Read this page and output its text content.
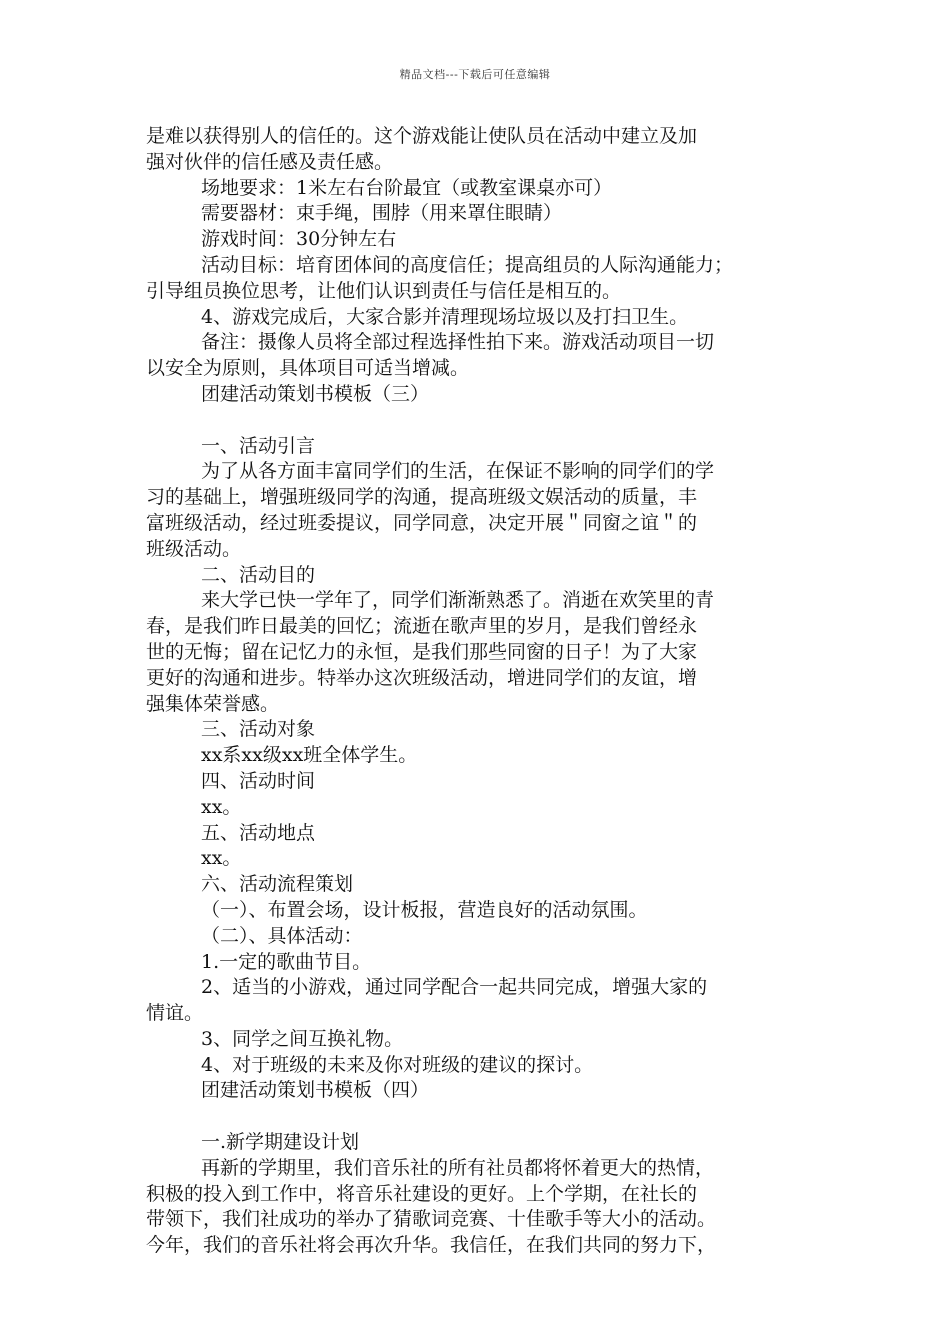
精品文档---下载后可任意编辑
是难以获得别人的信任的。这个游戏能让使队员在活动中建立及加
强对伙伴的信任感及责任感。
场地要求：1米左右台阶最宜（或教室课桌亦可）
需要器材：束手绳，围脖（用来罩住眼睛）
游戏时间：30分钟左右
活动目标：培育团体间的高度信任；提高组员的人际沟通能力；
引导组员换位思考，让他们认识到责任与信任是相互的。
4、游戏完成后，大家合影并清理现场垃圾以及打扫卫生。
备注：摄像人员将全部过程选择性拍下来。游戏活动项目一切
以安全为原则，具体项目可适当增减。
团建活动策划书模板（三）
一、活动引言
为了从各方面丰富同学们的生活，在保证不影响的同学们的学
习的基础上，增强班级同学的沟通，提高班级文娱活动的质量，丰
富班级活动，经过班委提议，同学同意，决定开展＂同窗之谊＂的
班级活动。
二、活动目的
来大学已快一学年了，同学们渐渐熟悉了。消逝在欢笑里的青
春，是我们昨日最美的回忆；流逝在歌声里的岁月，是我们曾经永
世的无悔；留在记忆力的永恒，是我们那些同窗的日子！为了大家
更好的沟通和进步。特举办这次班级活动，增进同学们的友谊，增
强集体荣誉感。
三、活动对象
xx系xx级xx班全体学生。
四、活动时间
xx。
五、活动地点
xx。
六、活动流程策划
（一）、布置会场，设计板报，营造良好的活动氛围。
（二）、具体活动：
1.一定的歌曲节目。
2、适当的小游戏，通过同学配合一起共同完成，增强大家的
情谊。
3、同学之间互换礼物。
4、对于班级的未来及你对班级的建议的探讨。
团建活动策划书模板（四）
一.新学期建设计划
再新的学期里，我们音乐社的所有社员都将怀着更大的热情，
积极的投入到工作中，将音乐社建设的更好。上个学期，在社长的
带领下，我们社成功的举办了猜歌词竞赛、十佳歌手等大小的活动。
今年，我们的音乐社将会再次升华。我信任，在我们共同的努力下，
